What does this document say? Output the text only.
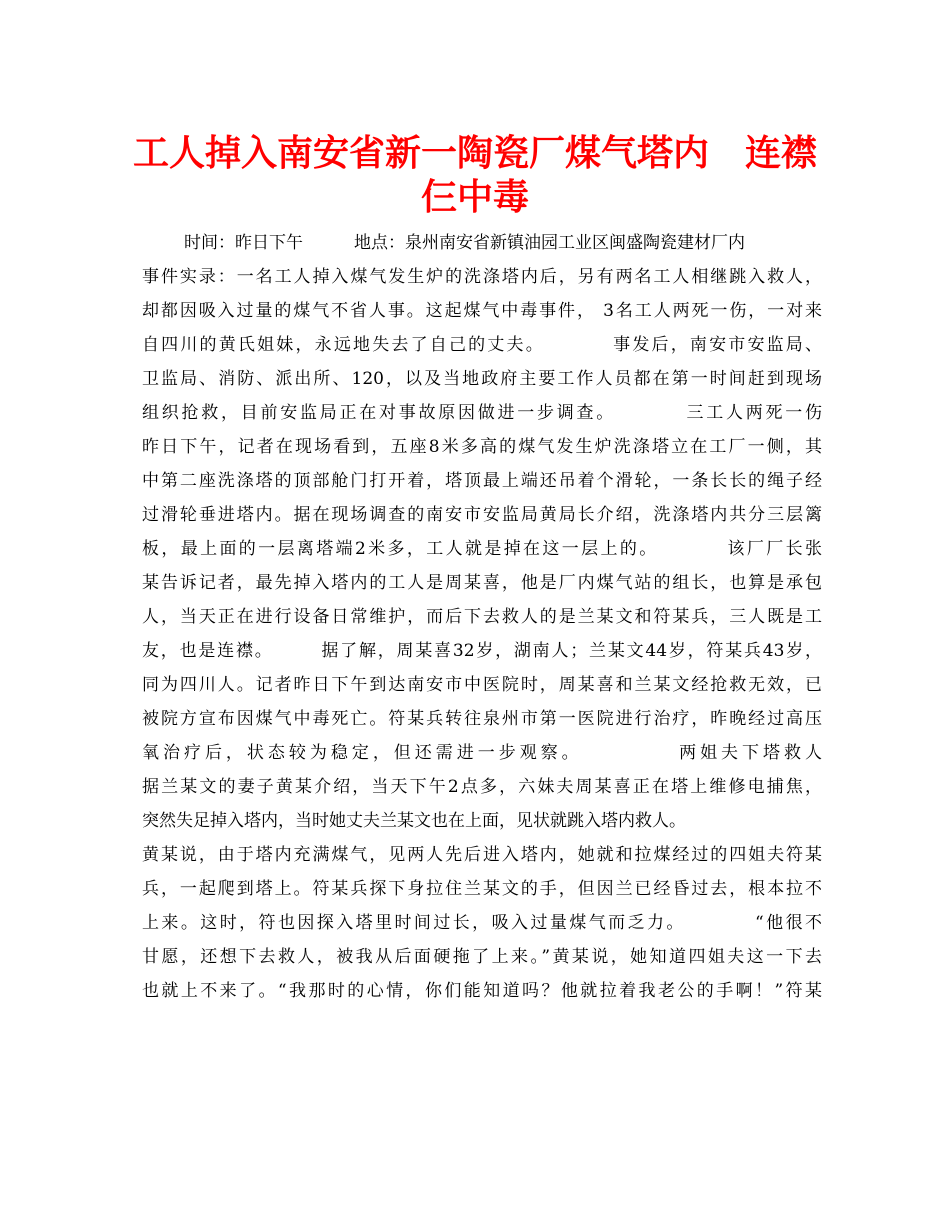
工人掉入南安省新一陶瓷厂煤气塔内　连襟
仨中毒
时间：昨日下午　　　地点：泉州南安省新镇油园工业区闽盛陶瓷建材厂内
事件实录：一名工人掉入煤气发生炉的洗涤塔内后，另有两名工人相继跳入救人，
却都因吸入过量的煤气不省人事。这起煤气中毒事件， 3名工人两死一伤，一对来
自四川的黄氏姐妹，永远地失去了自己的丈夫。　　　　事发后，南安市安监局、
卫监局、消防、派出所、120，以及当地政府主要工作人员都在第一时间赶到现场
组织抢救，目前安监局正在对事故原因做进一步调查。　　　　三工人两死一伤
昨日下午，记者在现场看到，五座8米多高的煤气发生炉洗涤塔立在工厂一侧，其
中第二座洗涤塔的顶部舱门打开着，塔顶最上端还吊着个滑轮，一条长长的绳子经
过滑轮垂进塔内。据在现场调查的南安市安监局黄局长介绍，洗涤塔内共分三层篱
板，最上面的一层离塔端2米多，工人就是掉在这一层上的。　　　　该厂厂长张
某告诉记者，最先掉入塔内的工人是周某喜，他是厂内煤气站的组长，也算是承包
人，当天正在进行设备日常维护，而后下去救人的是兰某文和符某兵，三人既是工
友，也是连襟。　　　据了解，周某喜32岁，湖南人；兰某文44岁，符某兵43岁，
同为四川人。记者昨日下午到达南安市中医院时，周某喜和兰某文经抢救无效，已
被院方宣布因煤气中毒死亡。符某兵转往泉州市第一医院进行治疗，昨晚经过高压
氧治疗后，状态较为稳定，但还需进一步观察。　　　　　两姐夫下塔救人
据兰某文的妻子黄某介绍，当天下午2点多，六妹夫周某喜正在塔上维修电捕焦，
突然失足掉入塔内，当时她丈夫兰某文也在上面，见状就跳入塔内救人。
黄某说，由于塔内充满煤气，见两人先后进入塔内，她就和拉煤经过的四姐夫符某
兵，一起爬到塔上。符某兵探下身拉住兰某文的手，但因兰已经昏过去，根本拉不
上来。这时，符也因探入塔里时间过长，吸入过量煤气而乏力。　　　　“他很不
甘愿，还想下去救人，被我从后面硬拖了上来。”黄某说，她知道四姐夫这一下去
也就上不来了。“我那时的心情，你们能知道吗？他就拉着我老公的手啊！”符某
